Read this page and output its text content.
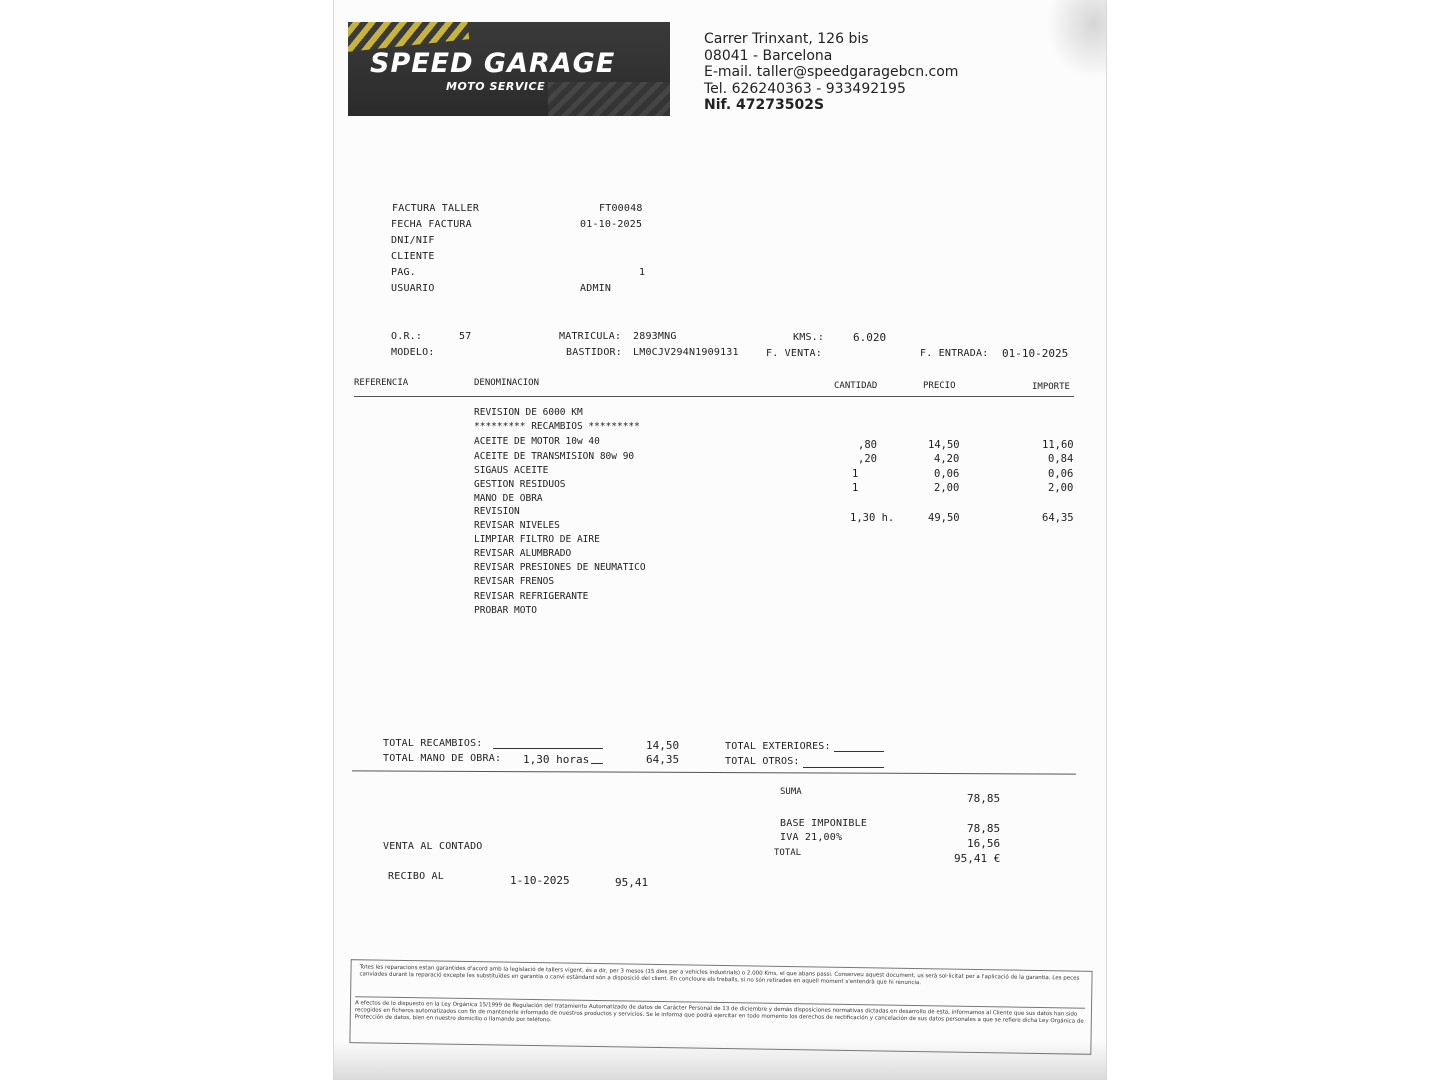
SPEED GARAGE
MOTO SERVICE
Carrer Trinxant, 126 bis
08041 - Barcelona
E-mail. taller@speedgaragebcn.com
Tel. 626240363 - 933492195
Nif. 47273502S
FACTURA TALLER	FT00048
FECHA FACTURA	01-10-2025
DNI/NIF
CLIENTE
PAG.	1
USUARIO	ADMIN
O.R.:	57	MATRICULA: 2893MNG	KMS.:	6.020
MODELO:	BASTIDOR: LM0CJV294N1909131	F. VENTA:	F. ENTRADA: 01-10-2025
REFERENCIA	DENOMINACION	CANTIDAD	PRECIO	IMPORTE
REVISION DE 6000 KM
********* RECAMBIOS *********
ACEITE DE MOTOR 10w 40	,80	14,50	11,60
ACEITE DE TRANSMISION 80w 90	,20	4,20	0,84
SIGAUS ACEITE	1	0,06	0,06
GESTION RESIDUOS	1	2,00	2,00
MANO DE OBRA
REVISION
1,30 h.	49,50	64,35
REVISAR NIVELES
LIMPIAR FILTRO DE AIRE
REVISAR ALUMBRADO
REVISAR PRESIONES DE NEUMATICO
REVISAR FRENOS
REVISAR REFRIGERANTE
PROBAR MOTO
TOTAL RECAMBIOS:	14,50
TOTAL MANO DE OBRA: 1,30 horas	64,35
TOTAL EXTERIORES:
TOTAL OTROS:
SUMA	78,85
BASE IMPONIBLE	78,85
IVA 21,00%	16,56
TOTAL	95,41 €
VENTA AL CONTADO
RECIBO AL	1-10-2025	95,41
Totes les reparacions estan garantides d'acord amb la legislació de tallers vigent, és a dir, per 3 mesos (15 dies per a vehicles industrials) o 2.000 Kms, el que abans passi. Conserveu aquest document, us serà sol·licitat per a l'aplicació de la garantia. Les peces canviades durant la reparació excepte les substituïdes en garantia o canvi estàndard són a disposició del client. En concloure els treballs, si no són retirades en aquell moment s'entendrà que hi renuncia.
A efectos de lo dispuesto en la Ley Orgánica 15/1999 de Regulación del tratamiento Automatizado de datos de Carácter Personal de 13 de diciembre y demás disposiciones normativas dictadas en desarrollo de esta, informamos al Cliente que sus datos han sido recogidos en ficheros automatizados con fin de mantenerle informado de nuestros productos y servicios. Se le informa que podrá ejercitar en todo momento los derechos de rectificación y cancelación de sus datos personales a que se refiere dicha Ley Orgánica de Protección de datos, bien en nuestro domicilio o llamando por teléfono.
